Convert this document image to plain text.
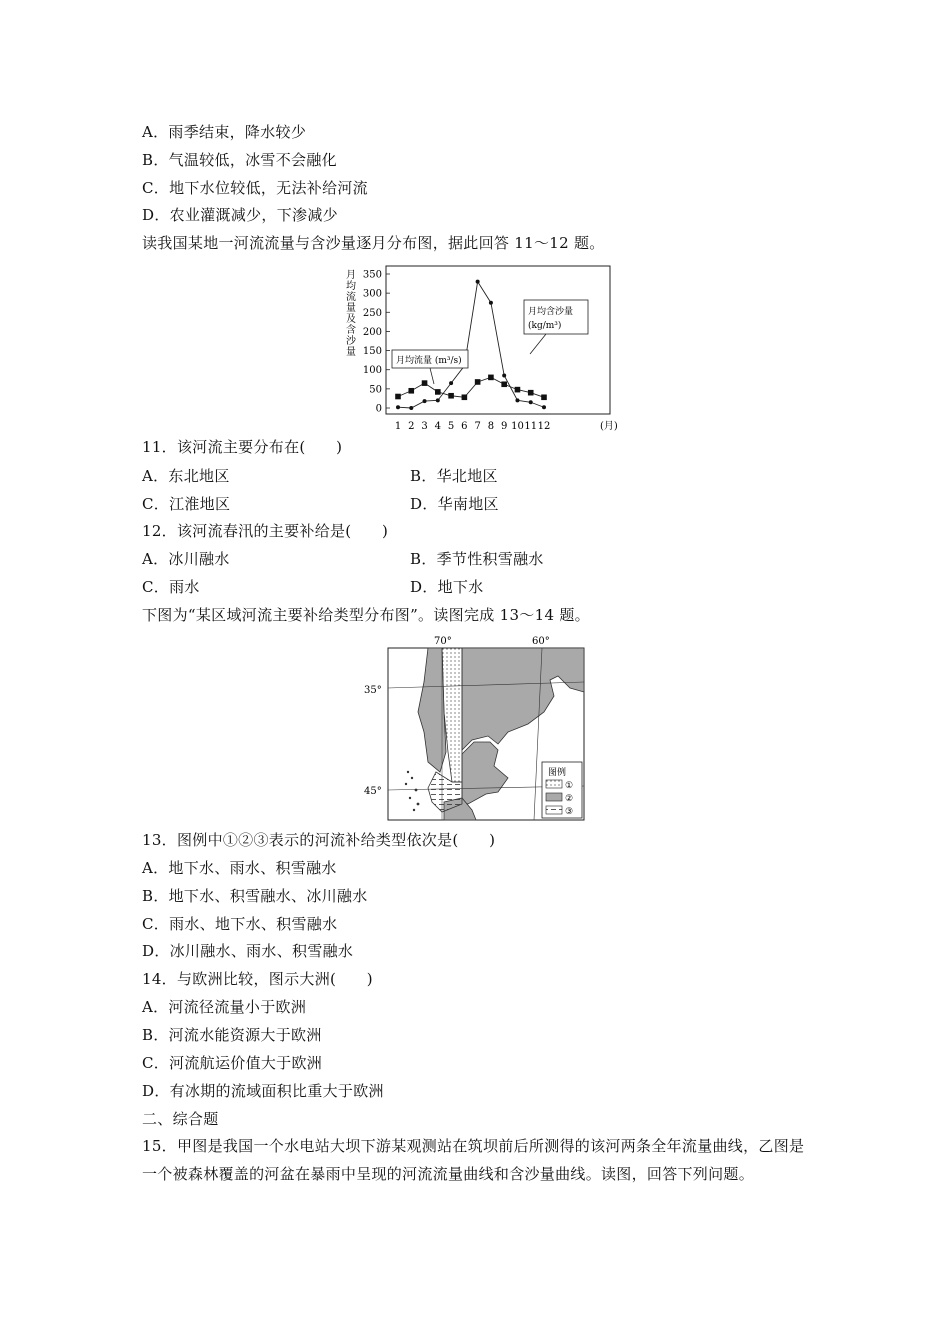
A．雨季结束，降水较少
B．气温较低，冰雪不会融化
C．地下水位较低，无法补给河流
D．农业灌溉减少，下渗减少
读我国某地一河流流量与含沙量逐月分布图，据此回答 11～12 题。
月
均
流
量
及
含
沙
量
350
300
250
200
150
100
50
0
1 2 3 4 5 6 7 8 9 10 11 12	(月)
月均流量 (m³/s)
月均含沙量
(kg/m³)
11．该河流主要分布在(　　)
A．东北地区	B．华北地区
C．江淮地区	D．华南地区
12．该河流春汛的主要补给是(　　)
A．冰川融水	B．季节性积雪融水
C．雨水	D．地下水
下图为“某区域河流主要补给类型分布图”。读图完成 13～14 题。
70°	60°
35°
45°
图例
①
②
③
13．图例中①②③表示的河流补给类型依次是(　　)
A．地下水、雨水、积雪融水
B．地下水、积雪融水、冰川融水
C．雨水、地下水、积雪融水
D．冰川融水、雨水、积雪融水
14．与欧洲比较，图示大洲(　　)
A．河流径流量小于欧洲
B．河流水能资源大于欧洲
C．河流航运价值大于欧洲
D．有冰期的流域面积比重大于欧洲
二、综合题
15．甲图是我国一个水电站大坝下游某观测站在筑坝前后所测得的该河两条全年流量曲线，乙图是一个被森林覆盖的河盆在暴雨中呈现的河流流量曲线和含沙量曲线。读图，回答下列问题。
